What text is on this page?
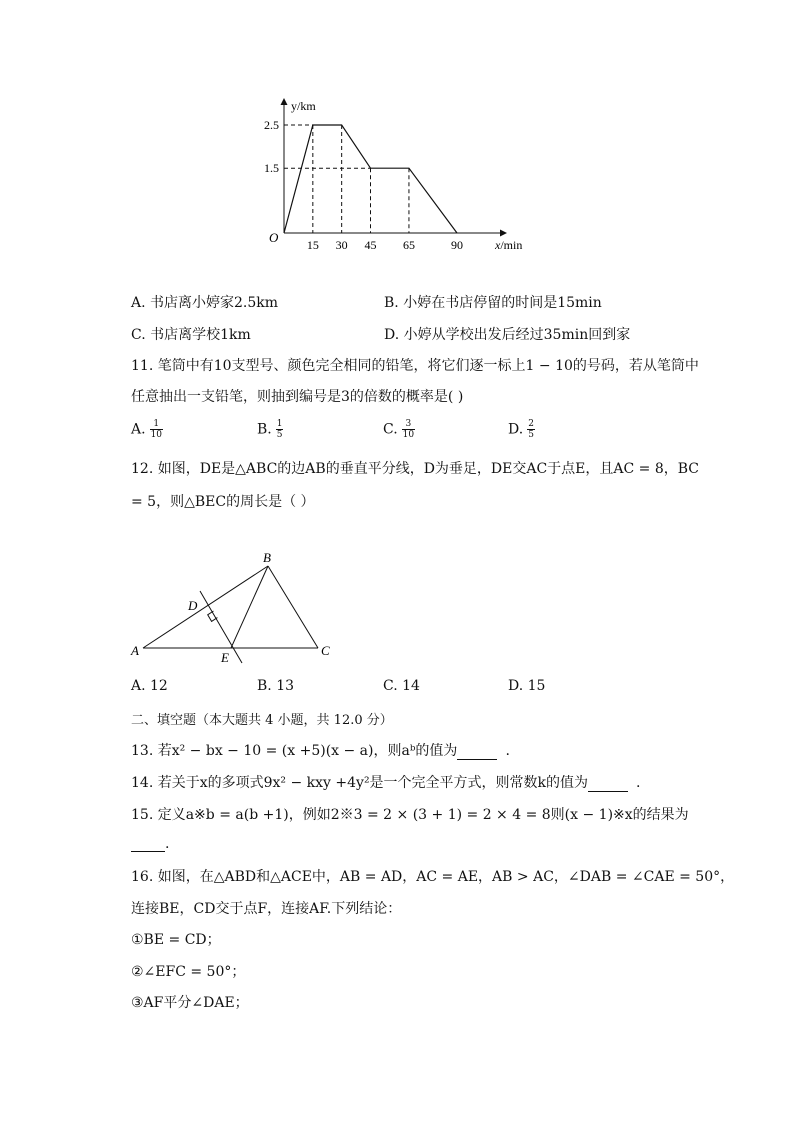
2.5
1.5
15 30 45 65	90
y/km
O	x/min
A. 书店离小婷家2.5km	B. 小婷在书店停留的时间是15min
C. 书店离学校1km	D. 小婷从学校出发后经过35min回到家
11. 笔筒中有10支型号、颜色完全相同的铅笔，将它们逐一标上1 − 10的号码，若从笔筒中
任意抽出一支铅笔，则抽到编号是3的倍数的概率是( )
A. $\frac{1}{10}$	B. $\frac{1}{5}$	C. $\frac{3}{10}$	D. $\frac{2}{5}$
12. 如图，DE是△ABC的边AB的垂直平分线，D为垂足，DE交AC于点E，且AC = 8，BC
= 5，则△BEC的周长是（ ）
A
B
C
D
E
A. 12	B. 13	C. 14	D. 15
二、填空题（本大题共 4 小题，共 12.0 分）
13. 若x² − bx − 10 = (x +5)(x − a)，则aᵇ的值为	.
14. 若关于x的多项式9x² − kxy +4y²是一个完全平方式，则常数k的值为	.
15. 定义a※b = a(b +1)，例如2※3 = 2 × (3 + 1) = 2 × 4 = 8则(x − 1)※x的结果为
.
16. 如图，在△ABD和△ACE中，AB = AD，AC = AE，AB > AC，∠DAB = ∠CAE = 50°，
连接BE，CD交于点F，连接AF.下列结论：
①BE = CD；
②∠EFC = 50°；
③AF平分∠DAE；
